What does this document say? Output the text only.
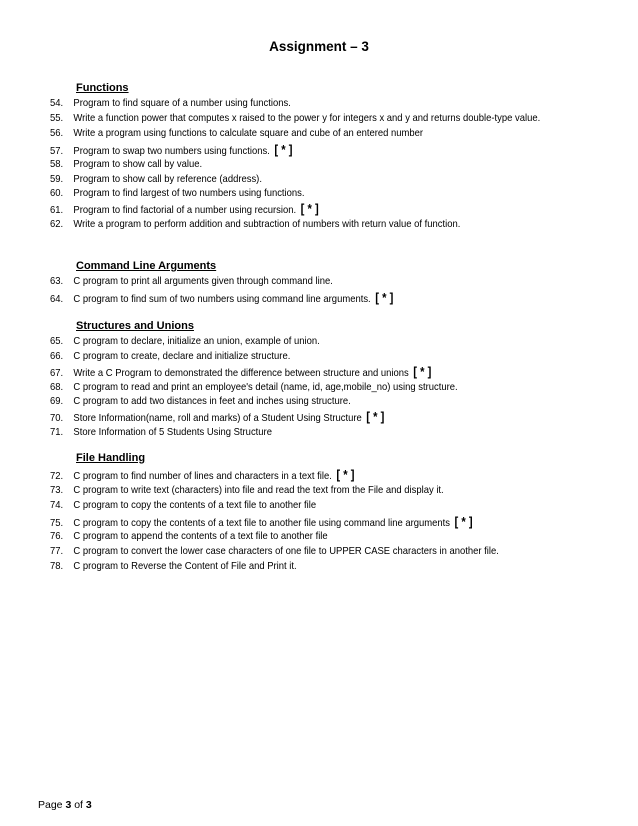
Assignment – 3
Functions
54. Program to find square of a number using functions.
55. Write a function power that computes x raised to the power y for integers x and y and returns double-type value.
56. Write a program using functions to calculate square and cube of an entered number
57. Program to swap two numbers using functions. [ * ]
58. Program to show call by value.
59. Program to show call by reference (address).
60. Program to find largest of two numbers using functions.
61. Program to find factorial of a number using recursion. [ * ]
62. Write a program to perform addition and subtraction of numbers with return value of function.
Command Line Arguments
63. C program to print all arguments given through command line.
64. C program to find sum of two numbers using command line arguments. [ * ]
Structures and Unions
65. C program to declare, initialize an union, example of union.
66. C program to create, declare and initialize structure.
67. Write a C Program to demonstrated the difference between structure and unions [ * ]
68. C program to read and print an employee's detail (name, id, age,mobile_no) using structure.
69. C program to add two distances in feet and inches using structure.
70. Store Information(name, roll and marks) of a Student Using Structure [ * ]
71. Store Information of 5 Students Using Structure
File Handling
72. C program to find number of lines and characters in a text file. [ * ]
73. C program to write text (characters) into file and read the text from the File and display it.
74. C program to copy the contents of a text file to another file
75. C program to copy the contents of a text file to another file using command line arguments [ * ]
76. C program to append the contents of a text file to another file
77. C program to convert the lower case characters of one file to UPPER CASE characters in another file.
78. C program to Reverse the Content of File and Print it.
Page 3 of 3
